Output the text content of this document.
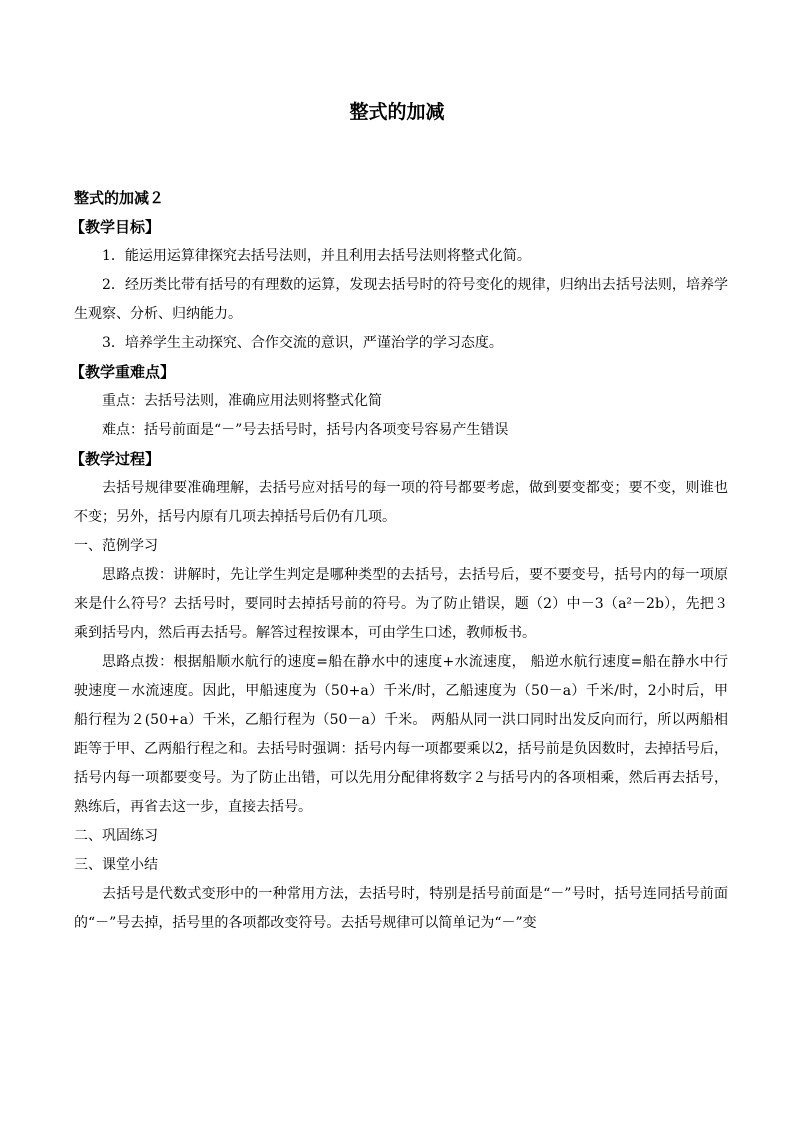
整式的加减

整式的加减２

【教学目标】

1．能运用运算律探究去括号法则，并且利用去括号法则将整式化简。

2．经历类比带有括号的有理数的运算，发现去括号时的符号变化的规律，归纳出去括号法则，培养学生观察、分析、归纳能力。

3．培养学生主动探究、合作交流的意识，严谨治学的学习态度。

【教学重难点】

重点：去括号法则，准确应用法则将整式化简

难点：括号前面是“－”号去括号时，括号内各项变号容易产生错误

【教学过程】

去括号规律要准确理解，去括号应对括号的每一项的符号都要考虑，做到要变都变；要不变，则谁也不变；另外，括号内原有几项去掉括号后仍有几项。

一、范例学习

思路点拨：讲解时，先让学生判定是哪种类型的去括号，去括号后，要不要变号，括号内的每一项原来是什么符号？去括号时，要同时去掉括号前的符号。为了防止错误，题（2）中－3（a²－2b），先把３乘到括号内，然后再去括号。解答过程按课本，可由学生口述，教师板书。

思路点拨：根据船顺水航行的速度=船在静水中的速度+水流速度， 船逆水航行速度=船在静水中行驶速度－水流速度。因此，甲船速度为（50+a）千米/时，乙船速度为（50－a）千米/时，2小时后，甲船行程为２(50+a）千米，乙船行程为（50－a）千米。 两船从同一洪口同时出发反向而行，所以两船相距等于甲、乙两船行程之和。去括号时强调：括号内每一项都要乘以2，括号前是负因数时，去掉括号后， 括号内每一项都要变号。为了防止出错，可以先用分配律将数字２与括号内的各项相乘，然后再去括号，熟练后，再省去这一步，直接去括号。

二、巩固练习

三、课堂小结

去括号是代数式变形中的一种常用方法，去括号时，特别是括号前面是“－”号时，括号连同括号前面的“－”号去掉，括号里的各项都改变符号。去括号规律可以简单记为“－”变
